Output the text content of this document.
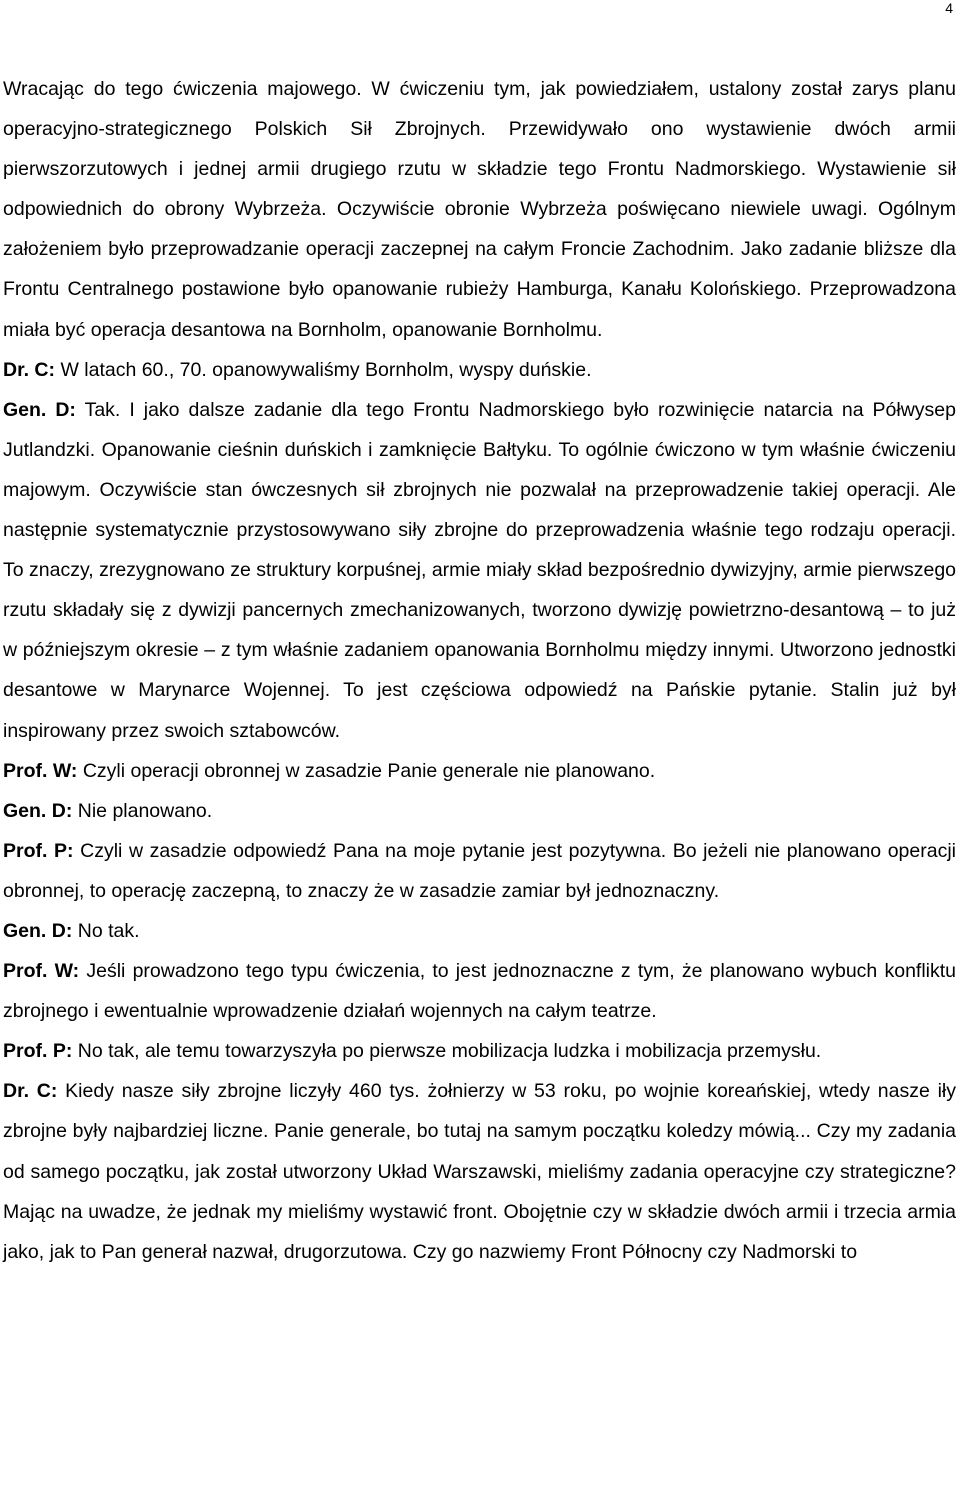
4

Wracając do tego ćwiczenia majowego. W ćwiczeniu tym, jak powiedziałem, ustalony został zarys planu operacyjno-strategicznego Polskich Sił Zbrojnych. Przewidywało ono wystawienie dwóch armii pierwszorzutowych i jednej armii drugiego rzutu w składzie tego Frontu Nadmorskiego. Wystawienie sił odpowiednich do obrony Wybrzeża. Oczywiście obronie Wybrzeża poświęcano niewiele uwagi. Ogólnym założeniem było przeprowadzanie operacji zaczepnej na całym Froncie Zachodnim. Jako zadanie bliższe dla Frontu Centralnego postawione było opanowanie rubieży Hamburga, Kanału Kolońskiego. Przeprowadzona miała być operacja desantowa na Bornholm, opanowanie Bornholmu.

Dr. C: W latach 60., 70. opanowywaliśmy Bornholm, wyspy duńskie.

Gen. D: Tak. I jako dalsze zadanie dla tego Frontu Nadmorskiego było rozwinięcie natarcia na Półwysep Jutlandzki. Opanowanie cieśnin duńskich i zamknięcie Bałtyku. To ogólnie ćwiczono w tym właśnie ćwiczeniu majowym. Oczywiście stan ówczesnych sił zbrojnych nie pozwalał na przeprowadzenie takiej operacji. Ale następnie systematycznie przystosowywano siły zbrojne do przeprowadzenia właśnie tego rodzaju operacji. To znaczy, zrezygnowano ze struktury korpuśnej, armie miały skład bezpośrednio dywizyjny, armie pierwszego rzutu składały się z dywizji pancernych zmechanizowanych, tworzono dywizję powietrzno-desantową – to już w późniejszym okresie – z tym właśnie zadaniem opanowania Bornholmu między innymi. Utworzono jednostki desantowe w Marynarce Wojennej. To jest częściowa odpowiedź na Pańskie pytanie. Stalin już był inspirowany przez swoich sztabowców.

Prof. W: Czyli operacji obronnej w zasadzie Panie generale nie planowano.

Gen. D: Nie planowano.

Prof. P: Czyli w zasadzie odpowiedź Pana na moje pytanie jest pozytywna. Bo jeżeli nie planowano operacji obronnej, to operację zaczepną, to znaczy że w zasadzie zamiar był jednoznaczny.

Gen. D: No tak.

Prof. W: Jeśli prowadzono tego typu ćwiczenia, to jest jednoznaczne z tym, że planowano wybuch konfliktu zbrojnego i ewentualnie wprowadzenie działań wojennych na całym teatrze.

Prof. P: No tak, ale temu towarzyszyła po pierwsze mobilizacja ludzka i mobilizacja przemysłu.

Dr. C: Kiedy nasze siły zbrojne liczyły 460 tys. żołnierzy w 53 roku, po wojnie koreańskiej, wtedy nasze iły zbrojne były najbardziej liczne. Panie generale, bo tutaj na samym początku koledzy mówią... Czy my zadania od samego początku, jak został utworzony Układ Warszawski, mieliśmy zadania operacyjne czy strategiczne? Mając na uwadze, że jednak my mieliśmy wystawić front. Obojętnie czy w składzie dwóch armii i trzecia armia jako, jak to Pan generał nazwał, drugorzutowa. Czy go nazwiemy Front Północny czy Nadmorski to
